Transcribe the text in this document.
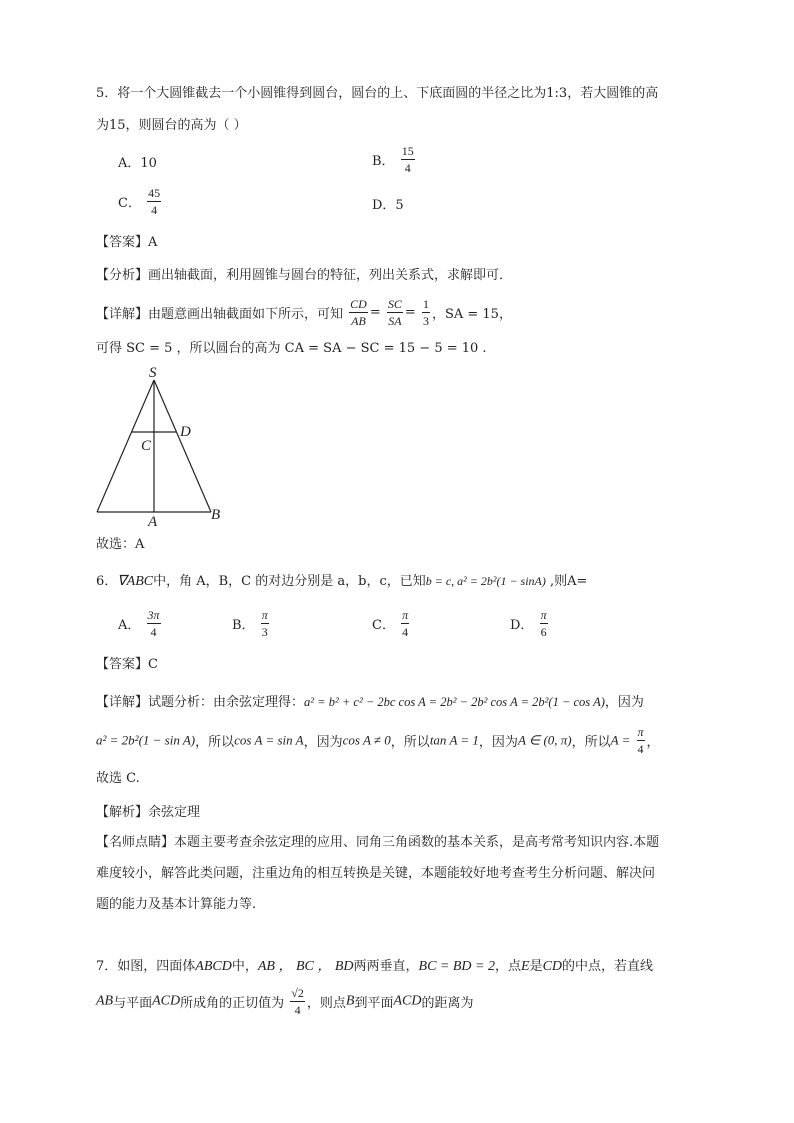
5．将一个大圆锥截去一个小圆锥得到圆台，圆台的上、下底面圆的半径之比为1:3，若大圆锥的高
为15，则圆台的高为（ ）
A．10	B． $\frac{15}{4}$
C． $\frac{45}{4}$	D．5
【答案】A
【分析】画出轴截面，利用圆锥与圆台的特征，列出关系式，求解即可．
【详解】由题意画出轴截面如下所示，可知 $\frac{CD}{AB} = \frac{SC}{SA} = \frac{1}{3}$ ，SA = 15，
可得 SC = 5 ，所以圆台的高为 CA = SA − SC = 15 − 5 = 10 .
S
D
C
A	B
故选：A
6．∇ABC中，角 A，B，C 的对边分别是 a，b，c，已知b = c, a² = 2b²(1 − sinA) ,则A=
A． $\frac{3\pi}{4}$	B． $\frac{\pi}{3}$	C． $\frac{\pi}{4}$	D． $\frac{\pi}{6}$
【答案】C
【详解】试题分析：由余弦定理得：a² = b² + c² − 2bc cos A = 2b² − 2b² cos A = 2b²(1 − cos A)，因为
a² = 2b²(1 − sin A)，所以cos A = sin A，因为cos A ≠ 0，所以tan A = 1，因为A ∈ (0, π)，所以$A = \frac{\pi}{4}$ ，
故选 C.
【解析】余弦定理
【名师点睛】本题主要考查余弦定理的应用、同角三角函数的基本关系，是高考常考知识内容.本题
难度较小，解答此类问题，注重边角的相互转换是关键，本题能较好地考查考生分析问题、解决问
题的能力及基本计算能力等.
7．如图，四面体ABCD中，AB ， BC ， BD两两垂直，BC = BD = 2，点E是CD的中点，若直线
AB与平面ACD所成角的正切值为 $\frac{√2}{4}$ ，则点B到平面ACD的距离为
